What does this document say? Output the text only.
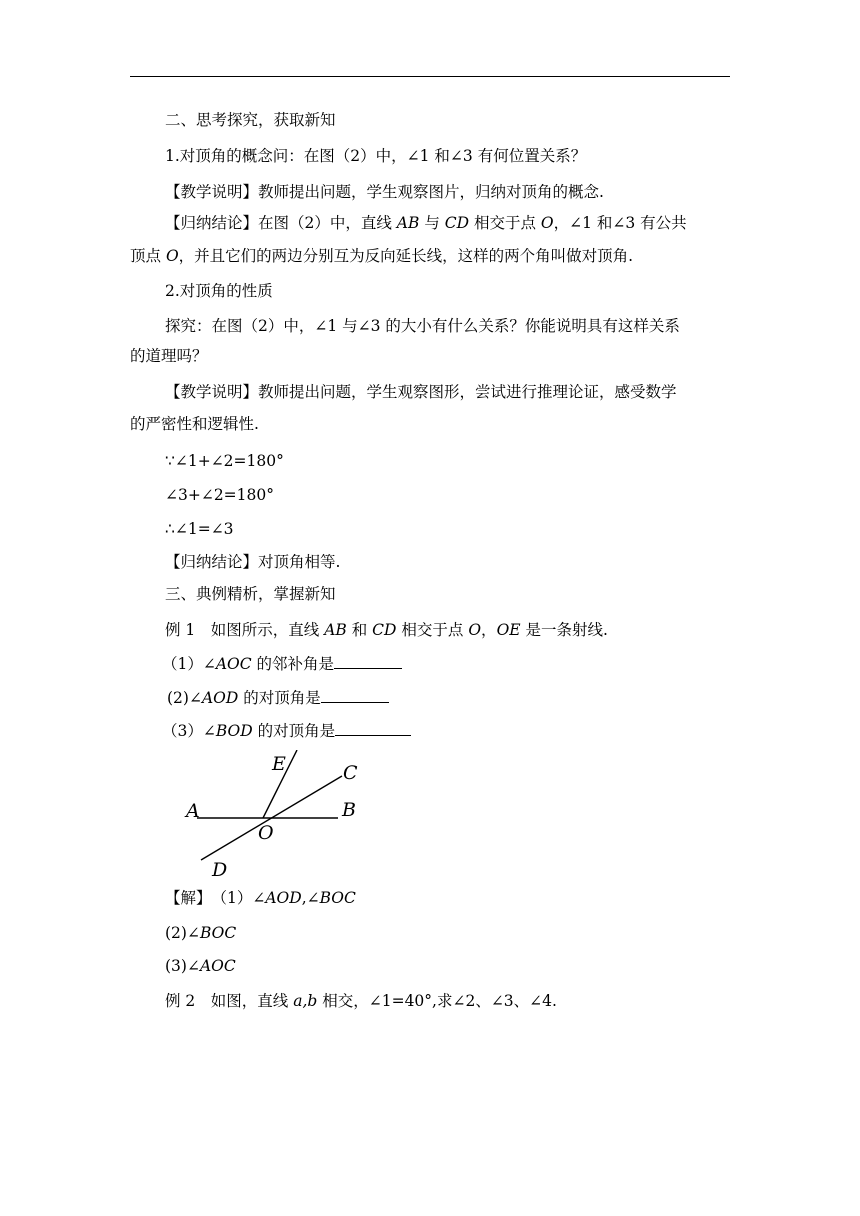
二、思考探究，获取新知
1.对顶角的概念问：在图（2）中，∠1 和∠3 有何位置关系？
【教学说明】教师提出问题，学生观察图片，归纳对顶角的概念.
【归纳结论】在图（2）中，直线 AB 与 CD 相交于点 O，∠1 和∠3 有公共
顶点 O，并且它们的两边分别互为反向延长线，这样的两个角叫做对顶角.
2.对顶角的性质
探究：在图（2）中，∠1 与∠3 的大小有什么关系？你能说明具有这样关系
的道理吗？
【教学说明】教师提出问题，学生观察图形，尝试进行推理论证，感受数学
的严密性和逻辑性.
∵∠1+∠2=180°
∠3+∠2=180°
∴∠1=∠3
【归纳结论】对顶角相等.
三、典例精析，掌握新知
例 1　如图所示，直线 AB 和 CD 相交于点 O，OE 是一条射线.
（1）∠AOC 的邻补角是
(2)∠AOD 的对顶角是
（3）∠BOD 的对顶角是
E	C
A	B
O
D
【解】　（1）∠AOD,∠BOC
(2)∠BOC
(3)∠AOC
例 2　如图，直线 a,b 相交，∠1=40°,求∠2、∠3、∠4.
